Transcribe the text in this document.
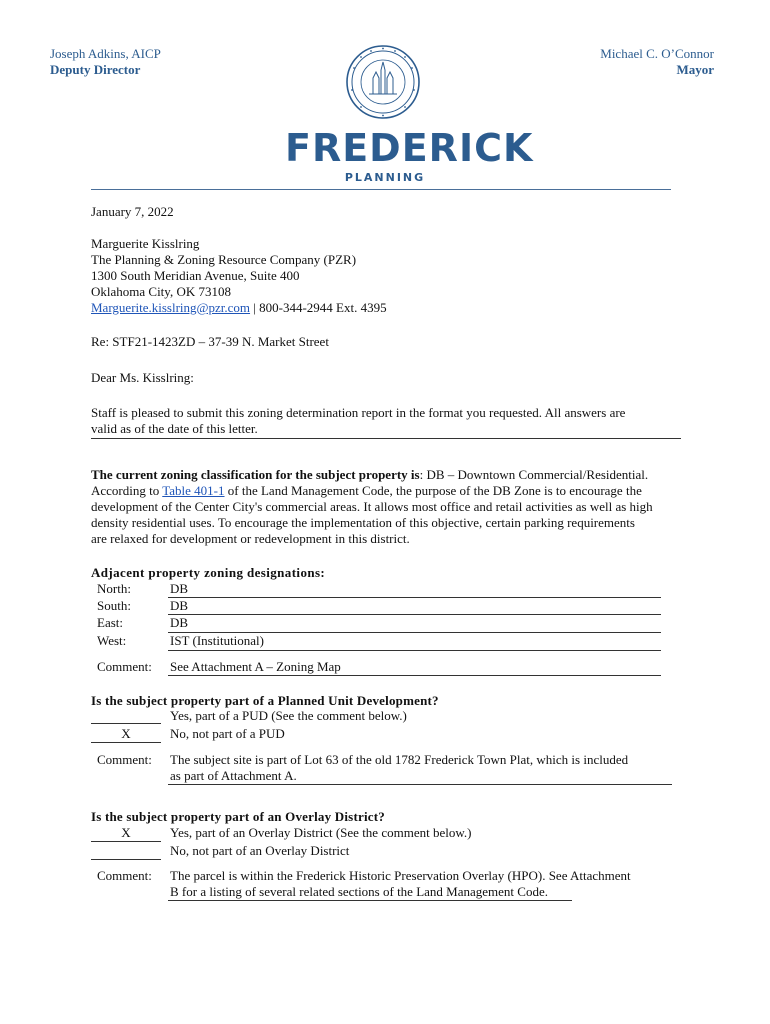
Joseph Adkins, AICP
Deputy Director
Michael C. O’Connor
Mayor
FREDERICK
PLANNING
January 7, 2022
Marguerite Kisslring
The Planning & Zoning Resource Company (PZR)
1300 South Meridian Avenue, Suite 400
Oklahoma City, OK 73108
Marguerite.kisslring@pzr.com | 800-344-2944 Ext. 4395
Re: STF21-1423ZD – 37-39 N. Market Street
Dear Ms. Kisslring:
Staff is pleased to submit this zoning determination report in the format you requested. All answers are
valid as of the date of this letter.
The current zoning classification for the subject property is: DB – Downtown Commercial/Residential.
According to Table 401-1 of the Land Management Code, the purpose of the DB Zone is to encourage the
development of the Center City's commercial areas. It allows most office and retail activities as well as high
density residential uses. To encourage the implementation of this objective, certain parking requirements
are relaxed for development or redevelopment in this district.
Adjacent property zoning designations:
North:	DB
South:	DB
East:	DB
West:	IST (Institutional)
Comment: See Attachment A – Zoning Map
Is the subject property part of a Planned Unit Development?
Yes, part of a PUD (See the comment below.)
X	No, not part of a PUD
Comment: The subject site is part of Lot 63 of the old 1782 Frederick Town Plat, which is included
as part of Attachment A.
Is the subject property part of an Overlay District?
X	Yes, part of an Overlay District (See the comment below.)
No, not part of an Overlay District
Comment: The parcel is within the Frederick Historic Preservation Overlay (HPO). See Attachment
B for a listing of several related sections of the Land Management Code.
